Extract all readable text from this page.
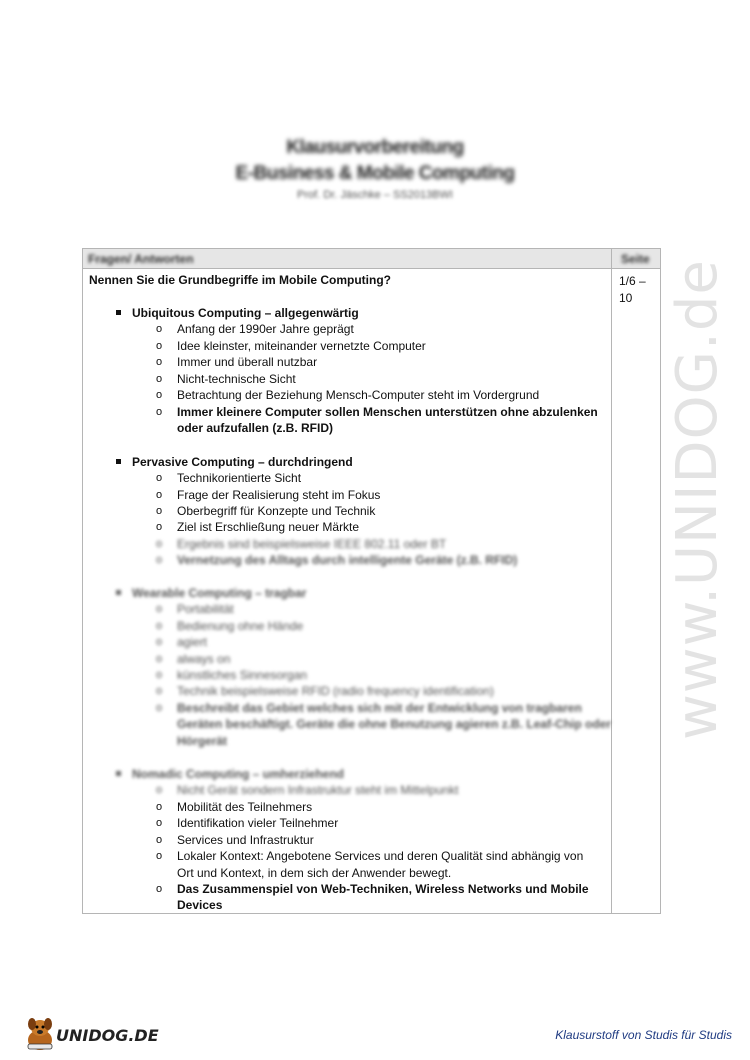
Klausurvorbereitung
E-Business & Mobile Computing
Prof. Dr. Jäschke – SS2013BWI
Fragen/ Antworten	Seite
Nennen Sie die Grundbegriffe im Mobile Computing?	1/6 – 10
Ubiquitous Computing – allgegenwärtig
o Anfang der 1990er Jahre geprägt
o Idee kleinster, miteinander vernetzte Computer
o Immer und überall nutzbar
o Nicht-technische Sicht
o Betrachtung der Beziehung Mensch-Computer steht im Vordergrund
o Immer kleinere Computer sollen Menschen unterstützen ohne abzulenken
oder aufzufallen (z.B. RFID)
Pervasive Computing – durchdringend
o Technikorientierte Sicht
o Frage der Realisierung steht im Fokus
o Oberbegriff für Konzepte und Technik
o Ziel ist Erschließung neuer Märkte
o Ergebnis sind beispielsweise IEEE 802.11 oder BT
o Vernetzung des Alltags durch intelligente Geräte (z.B. RFID)
Wearable Computing – tragbar
o Portabilität
o Bedienung ohne Hände
o agiert
o always on
o künstliches Sinnesorgan
o Technik beispielsweise RFID (radio frequency identification)
o Beschreibt das Gebiet welches sich mit der Entwicklung von tragbaren
Geräten beschäftigt. Geräte die ohne Benutzung agieren z.B. Leaf-Chip oder
Hörgerät
Nomadic Computing – umherziehend
o Nicht Gerät sondern Infrastruktur steht im Mittelpunkt
o Mobilität des Teilnehmers
o Identifikation vieler Teilnehmer
o Services und Infrastruktur
o Lokaler Kontext: Angebotene Services und deren Qualität sind abhängig von
Ort und Kontext, in dem sich der Anwender bewegt.
o Das Zusammenspiel von Web-Techniken, Wireless Networks und Mobile
Devices
www.UNIDOG.de
UNIDOG.DE	Klausurstoff von Studis für Studis
